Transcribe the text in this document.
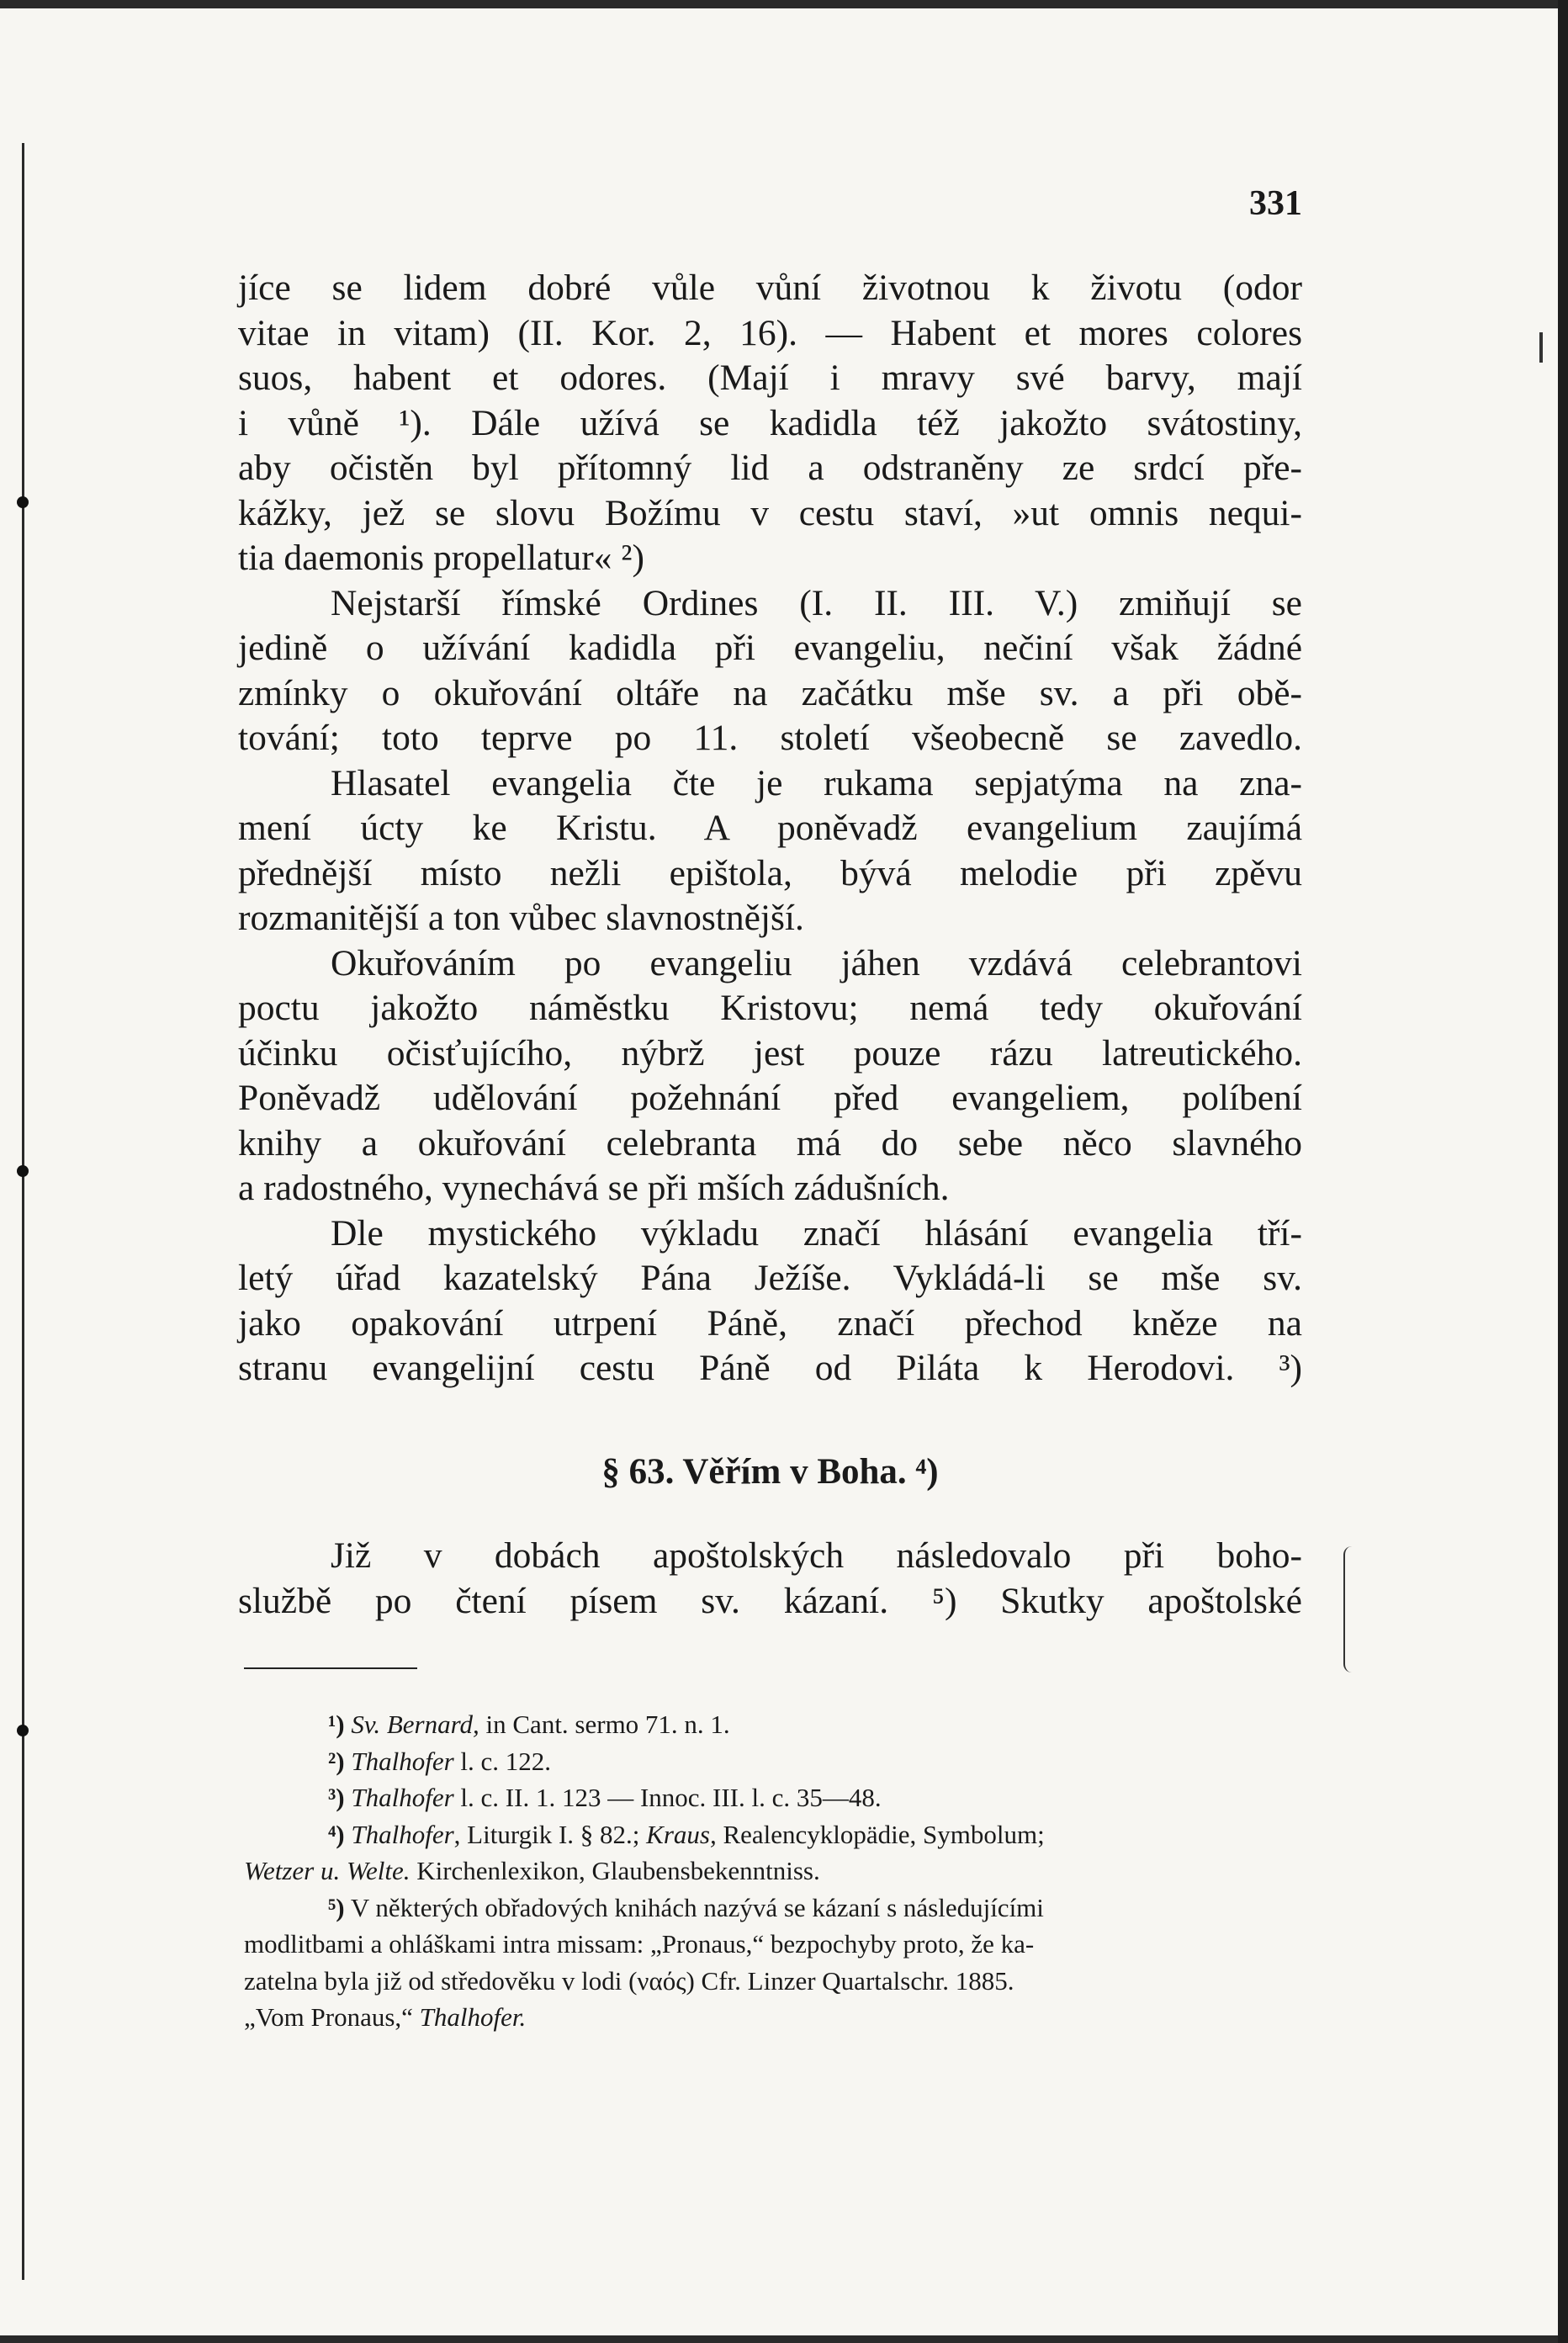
331
jíce se lidem dobré vůle vůní životnou k životu (odor
vitae in vitam) (II. Kor. 2, 16). — Habent et mores colores
suos, habent et odores. (Mají i mravy své barvy, mají
i vůně ¹). Dále užívá se kadidla též jakožto svátostiny,
aby očistěn byl přítomný lid a odstraněny ze srdcí pře-
kážky, jež se slovu Božímu v cestu staví, »ut omnis nequi-
tia daemonis propellatur« ²)
Nejstarší římské Ordines (I. II. III. V.) zmiňují se
jedině o užívání kadidla při evangeliu, nečiní však žádné
zmínky o okuřování oltáře na začátku mše sv. a při obě-
tování; toto teprve po 11. století všeobecně se zavedlo.
Hlasatel evangelia čte je rukama sepjatýma na zna-
mení úcty ke Kristu. A poněvadž evangelium zaujímá
přednější místo nežli epištola, bývá melodie při zpěvu
rozmanitější a ton vůbec slavnostnější.
Okuřováním po evangeliu jáhen vzdává celebrantovi
poctu jakožto náměstku Kristovu; nemá tedy okuřování
účinku očisťujícího, nýbrž jest pouze rázu latreutického.
Poněvadž udělování požehnání před evangeliem, políbení
knihy a okuřování celebranta má do sebe něco slavného
a radostného, vynechává se při mších zádušních.
Dle mystického výkladu značí hlásání evangelia tří-
letý úřad kazatelský Pána Ježíše. Vykládá-li se mše sv.
jako opakování utrpení Páně, značí přechod kněze na
stranu evangelijní cestu Páně od Piláta k Herodovi. ³)
§ 63. Věřím v Boha. ⁴)
Již v dobách apoštolských následovalo při boho-
službě po čtení písem sv. kázaní. ⁵) Skutky apoštolské
¹) Sv. Bernard, in Cant. sermo 71. n. 1.
²) Thalhofer l. c. 122.
³) Thalhofer l. c. II. 1. 123 — Innoc. III. l. c. 35—48.
⁴) Thalhofer, Liturgik I. § 82.; Kraus, Realencyklopädie, Symbolum;
Wetzer u. Welte. Kirchenlexikon, Glaubensbekenntniss.
⁵) V některých obřadových knihách nazývá se kázaní s následujícími
modlitbami a ohláškami intra missam: „Pronaus,“ bezpochyby proto, že ka-
zatelna byla již od středověku v lodi (ναός) Cfr. Linzer Quartalschr. 1885.
„Vom Pronaus,“ Thalhofer.
